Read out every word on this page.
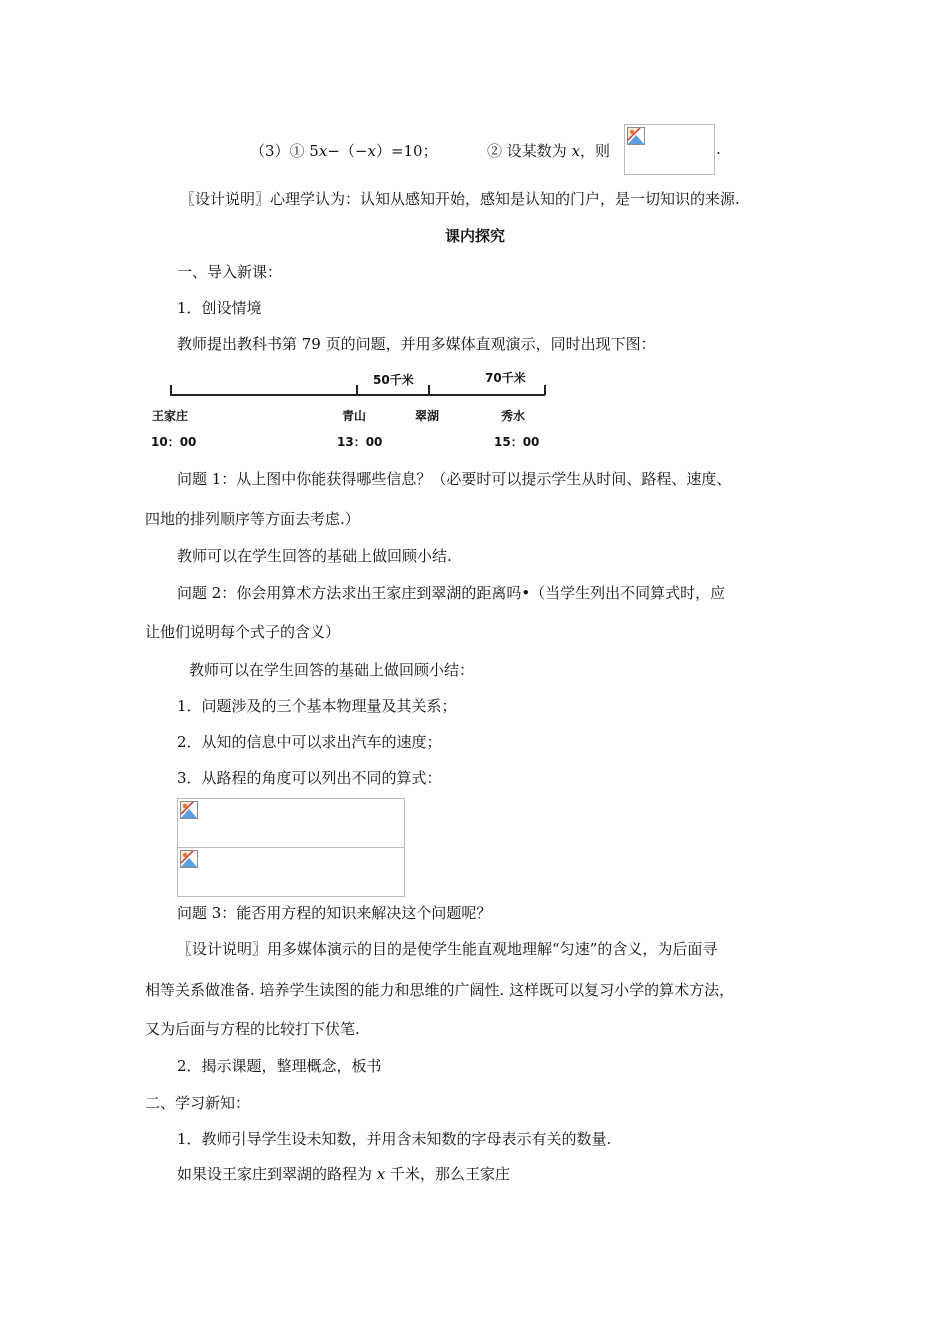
（3）① 5x−（−x）=10；	② 设某数为 x，则	.
〖设计说明〗心理学认为：认知从感知开始，感知是认知的门户，是一切知识的来源.
课内探究
一、导入新课：
1．创设情境
教师提出教科书第 79 页的问题，并用多媒体直观演示，同时出现下图：
50千米	70千米
王家庄	青山	翠湖	秀水
10：00	13：00	15：00
问题 1：从上图中你能获得哪些信息？（必要时可以提示学生从时间、路程、速度、
四地的排列顺序等方面去考虑.）
教师可以在学生回答的基础上做回顾小结.
问题 2：你会用算术方法求出王家庄到翠湖的距离吗•（当学生列出不同算式时，应
让他们说明每个式子的含义）
教师可以在学生回答的基础上做回顾小结：
1．问题涉及的三个基本物理量及其关系；
2．从知的信息中可以求出汽车的速度；
3．从路程的角度可以列出不同的算式：
问题 3：能否用方程的知识来解决这个问题呢？
〖设计说明〗用多媒体演示的目的是使学生能直观地理解“匀速”的含义，为后面寻
相等关系做准备. 培养学生读图的能力和思维的广阔性. 这样既可以复习小学的算术方法，
又为后面与方程的比较打下伏笔.
2．揭示课题，整理概念，板书
二、学习新知：
1．教师引导学生设未知数，并用含未知数的字母表示有关的数量.
如果设王家庄到翠湖的路程为 x 千米，那么王家庄
